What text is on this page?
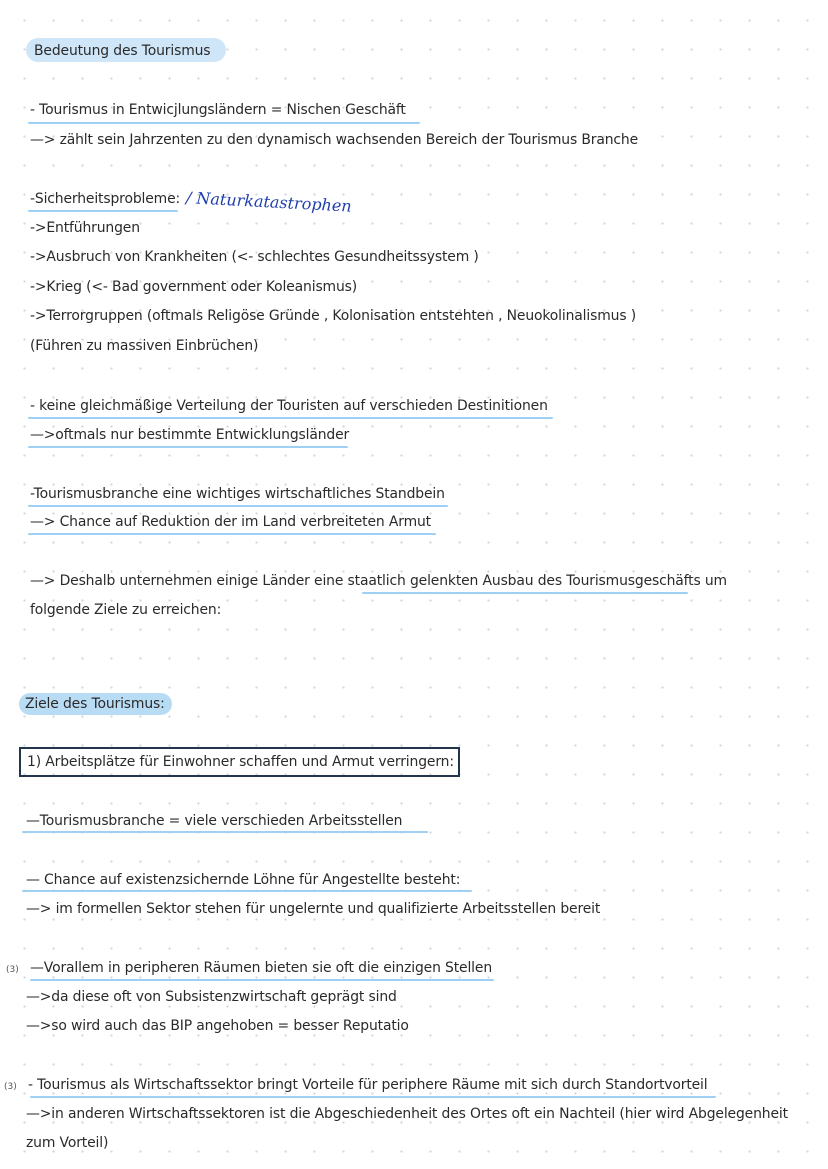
Bedeutung des Tourismus
- Tourismus in Entwicjlungsländern = Nischen Geschäft
—> zählt sein Jahrzenten zu den dynamisch wachsenden Bereich der Tourismus Branche
-Sicherheitsprobleme: / Naturkatastrophen
->Entführungen
->Ausbruch von Krankheiten (<- schlechtes Gesundheitssystem )
->Krieg (<- Bad government oder Koleanismus)
->Terrorgruppen (oftmals Religöse Gründe , Kolonisation entstehten , Neuokolinalismus )
(Führen zu massiven Einbrüchen)
- keine gleichmäßige Verteilung der Touristen auf verschieden Destinitionen
—>oftmals nur bestimmte Entwicklungsländer
-Tourismusbranche eine wichtiges wirtschaftliches Standbein
—> Chance auf Reduktion der im Land verbreiteten Armut
—> Deshalb unternehmen einige Länder eine staatlich gelenkten Ausbau des Tourismusgeschäfts um
folgende Ziele zu erreichen:
Ziele des Tourismus:
1) Arbeitsplätze für Einwohner schaffen und Armut verringern:
—Tourismusbranche = viele verschieden Arbeitsstellen
— Chance auf existenzsichernde Löhne für Angestellte besteht:
—> im formellen Sektor stehen für ungelernte und qualifizierte Arbeitsstellen bereit
(3) —Vorallem in peripheren Räumen bieten sie oft die einzigen Stellen
—>da diese oft von Subsistenzwirtschaft geprägt sind
—>so wird auch das BIP angehoben = besser Reputatio
(3) - Tourismus als Wirtschaftssektor bringt Vorteile für periphere Räume mit sich durch Standortvorteil
—>in anderen Wirtschaftssektoren ist die Abgeschiedenheit des Ortes oft ein Nachteil (hier wird Abgelegenheit
zum Vorteil)
